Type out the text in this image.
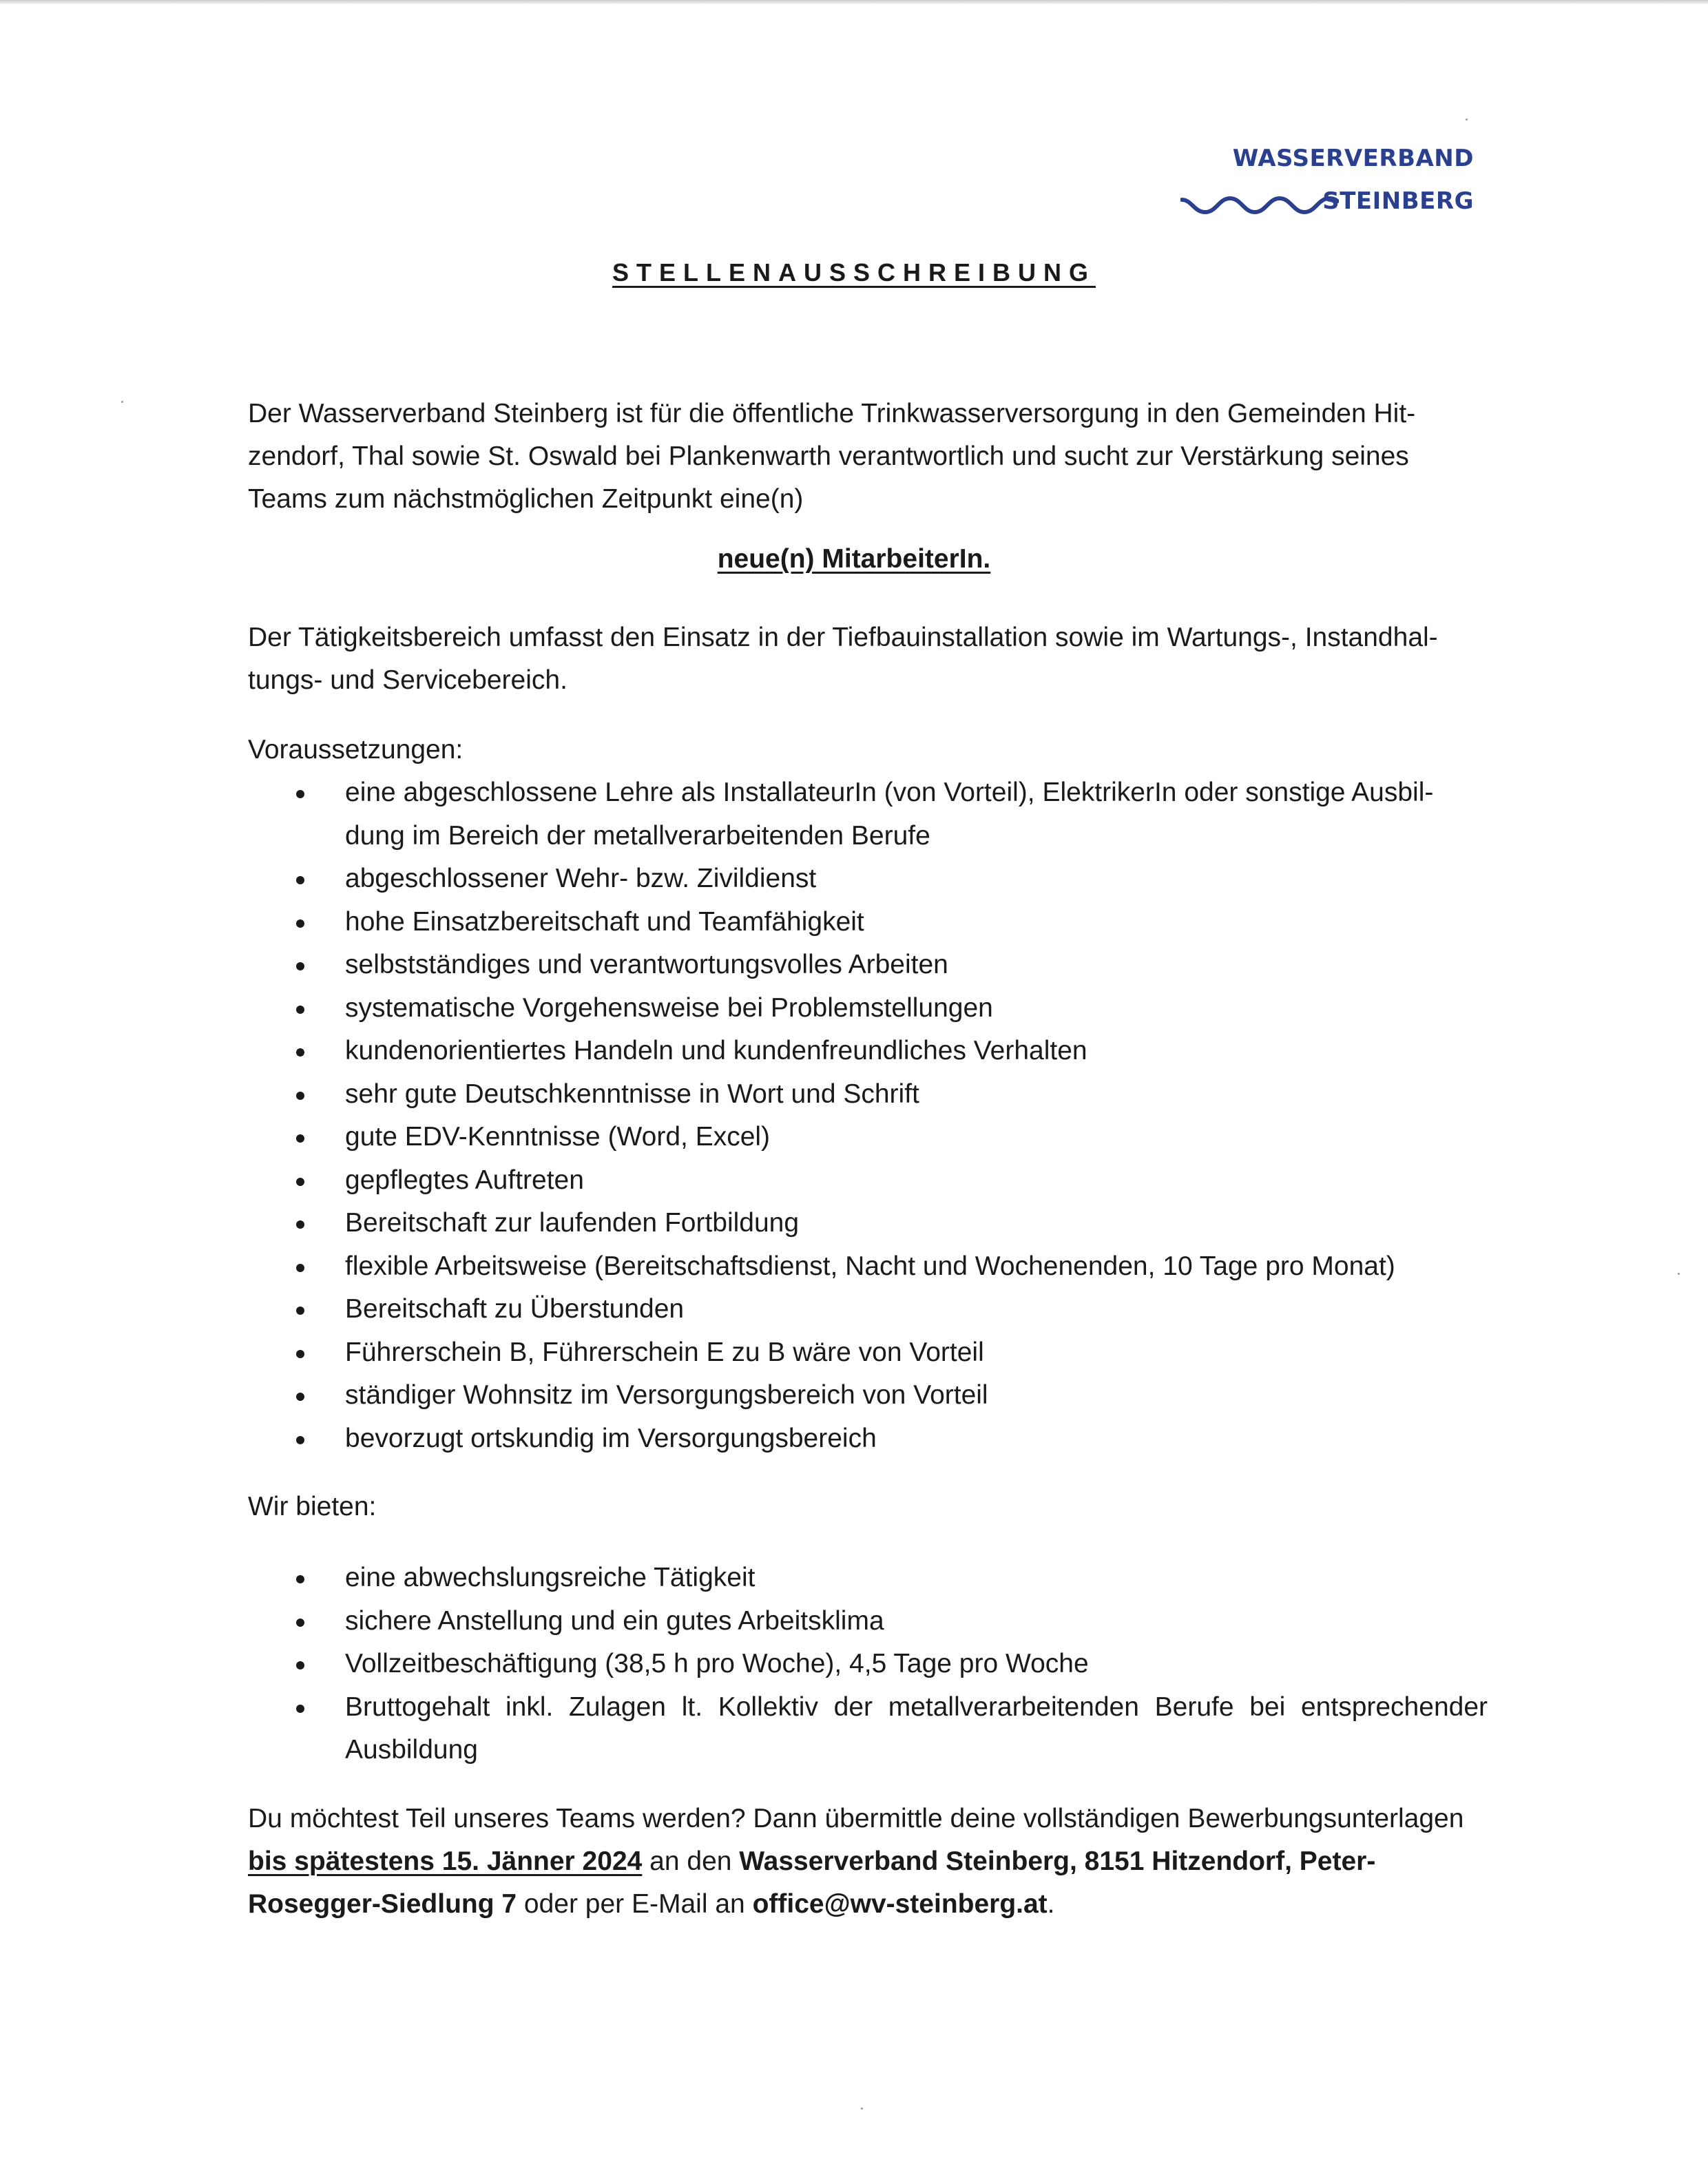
WASSERVERBAND
STEINBERG
STELLENAUSSCHREIBUNG
Der Wasserverband Steinberg ist für die öffentliche Trinkwasserversorgung in den Gemeinden Hit-zendorf, Thal sowie St. Oswald bei Plankenwarth verantwortlich und sucht zur Verstärkung seines Teams zum nächstmöglichen Zeitpunkt eine(n)
neue(n) MitarbeiterIn.
Der Tätigkeitsbereich umfasst den Einsatz in der Tiefbauinstallation sowie im Wartungs-, Instandhal-tungs- und Servicebereich.
Voraussetzungen:
eine abgeschlossene Lehre als InstallateurIn (von Vorteil), ElektrikerIn oder sonstige Ausbil-dung im Bereich der metallverarbeitenden Berufe
abgeschlossener Wehr- bzw. Zivildienst
hohe Einsatzbereitschaft und Teamfähigkeit
selbstständiges und verantwortungsvolles Arbeiten
systematische Vorgehensweise bei Problemstellungen
kundenorientiertes Handeln und kundenfreundliches Verhalten
sehr gute Deutschkenntnisse in Wort und Schrift
gute EDV-Kenntnisse (Word, Excel)
gepflegtes Auftreten
Bereitschaft zur laufenden Fortbildung
flexible Arbeitsweise (Bereitschaftsdienst, Nacht und Wochenenden, 10 Tage pro Monat)
Bereitschaft zu Überstunden
Führerschein B, Führerschein E zu B wäre von Vorteil
ständiger Wohnsitz im Versorgungsbereich von Vorteil
bevorzugt ortskundig im Versorgungsbereich
Wir bieten:
eine abwechslungsreiche Tätigkeit
sichere Anstellung und ein gutes Arbeitsklima
Vollzeitbeschäftigung (38,5 h pro Woche), 4,5 Tage pro Woche
Bruttogehalt inkl. Zulagen lt. Kollektiv der metallverarbeitenden Berufe bei entsprechender Ausbildung
Du möchtest Teil unseres Teams werden? Dann übermittle deine vollständigen Bewerbungsunterlagen bis spätestens 15. Jänner 2024 an den Wasserverband Steinberg, 8151 Hitzendorf, Peter-Rosegger-Siedlung 7 oder per E-Mail an office@wv-steinberg.at.
